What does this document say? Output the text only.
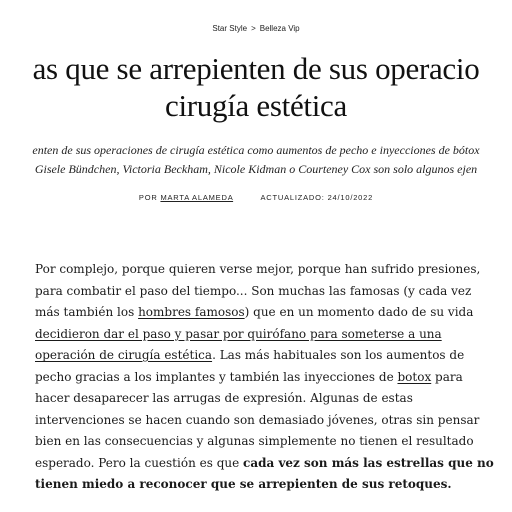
Star Style > Belleza Vip
as que se arrepienten de sus operacio
cirugía estética

enten de sus operaciones de cirugía estética como aumentos de pecho e inyecciones de bótox

Gisele Bündchen, Victoria Beckham, Nicole Kidman o Courteney Cox son solo algunos ejen

POR MARTA ALAMEDA	ACTUALIZADO: 24/10/2022
Por complejo, porque quieren verse mejor, porque han sufrido presiones,
para combatir el paso del tiempo... Son muchas las famosas (y cada vez
más también los hombres famosos) que en un momento dado de su vida
decidieron dar el paso y pasar por quirófano para someterse a una
operación de cirugía estética. Las más habituales son los aumentos de
pecho gracias a los implantes y también las inyecciones de botox para
hacer desaparecer las arrugas de expresión. Algunas de estas
intervenciones se hacen cuando son demasiado jóvenes, otras sin pensar
bien en las consecuencias y algunas simplemente no tienen el resultado
esperado. Pero la cuestión es que cada vez son más las estrellas que no
tienen miedo a reconocer que se arrepienten de sus retoques.
